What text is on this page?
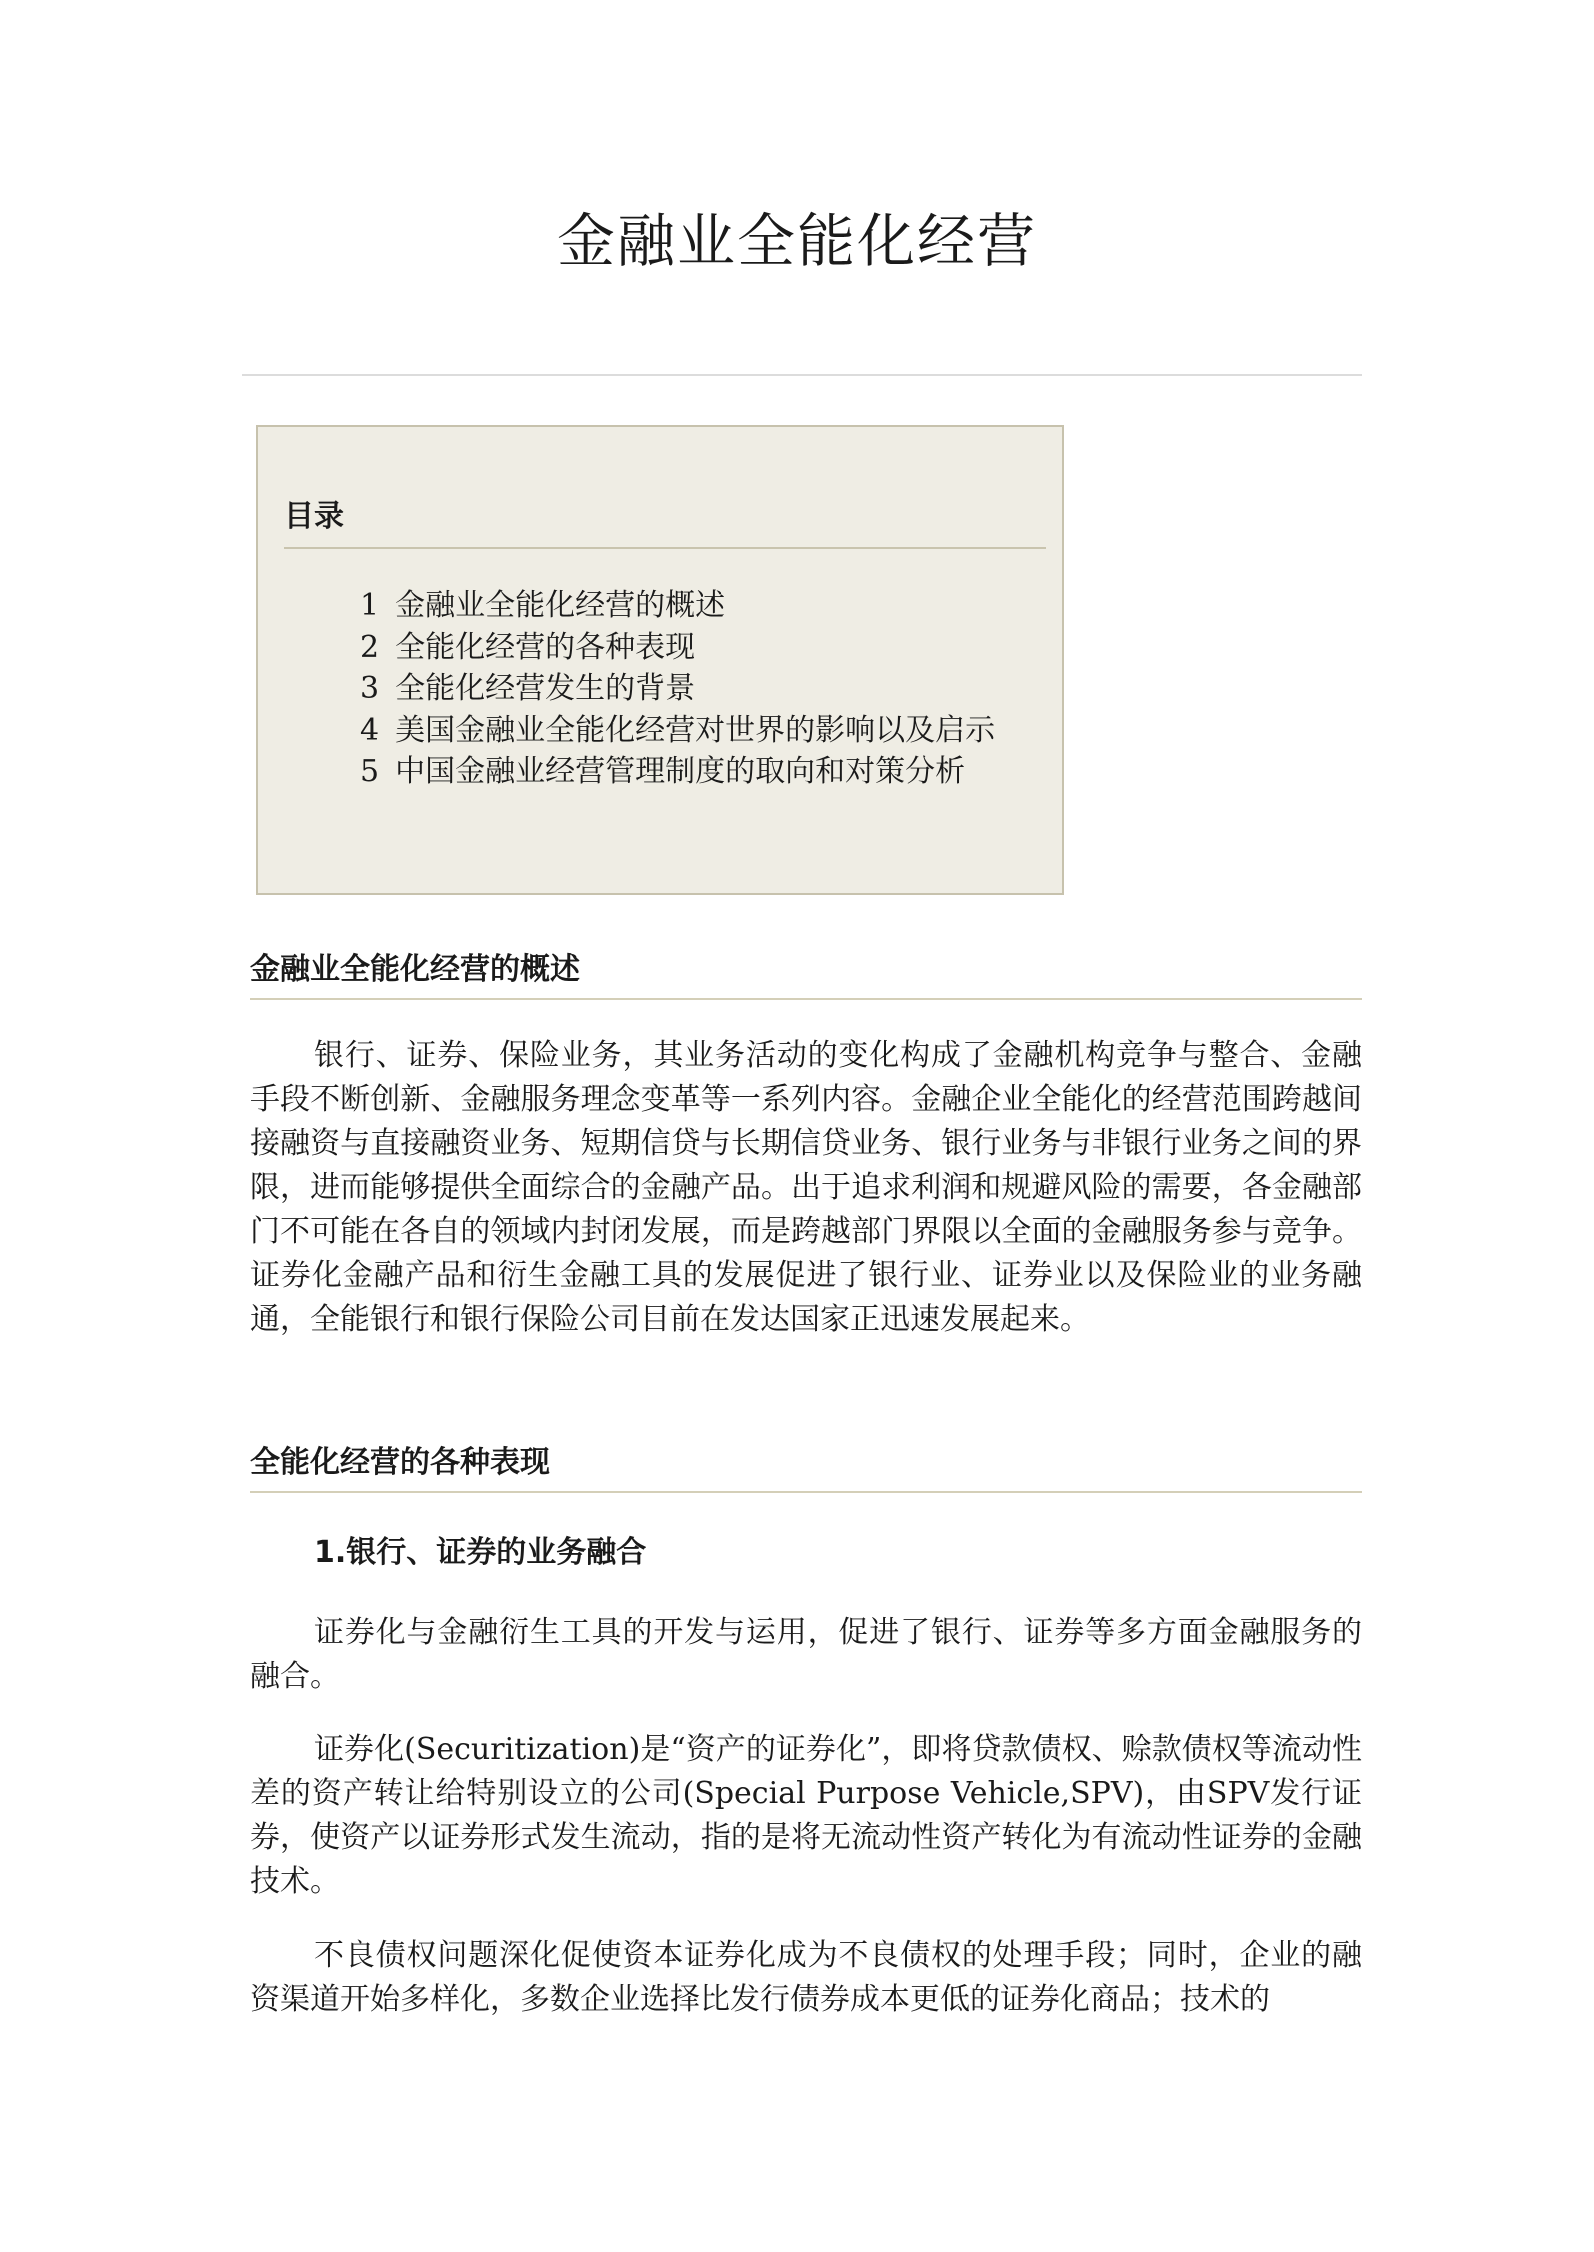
金融业全能化经营
目录
1 金融业全能化经营的概述
2 全能化经营的各种表现
3 全能化经营发生的背景
4 美国金融业全能化经营对世界的影响以及启示
5 中国金融业经营管理制度的取向和对策分析
金融业全能化经营的概述

银行、证券、保险业务，其业务活动的变化构成了金融机构竞争与整合、金融手段不断创新、金融服务理念变革等一系列内容。金融企业全能化的经营范围跨越间接融资与直接融资业务、短期信贷与长期信贷业务、银行业务与非银行业务之间的界限，进而能够提供全面综合的金融产品。出于追求利润和规避风险的需要，各金融部门不可能在各自的领域内封闭发展，而是跨越部门界限以全面的金融服务参与竞争。证券化金融产品和衍生金融工具的发展促进了银行业、证券业以及保险业的业务融通，全能银行和银行保险公司目前在发达国家正迅速发展起来。

全能化经营的各种表现
1.银行、证券的业务融合

证券化与金融衍生工具的开发与运用，促进了银行、证券等多方面金融服务的融合。

证券化(Securitization)是“资产的证券化”，即将贷款债权、赊款债权等流动性差的资产转让给特别设立的公司(Special Purpose Vehicle,SPV)，由SPV发行证券，使资产以证券形式发生流动，指的是将无流动性资产转化为有流动性证券的金融技术。

不良债权问题深化促使资本证券化成为不良债权的处理手段；同时，企业的融资渠道开始多样化，多数企业选择比发行债券成本更低的证券化商品；技术的
